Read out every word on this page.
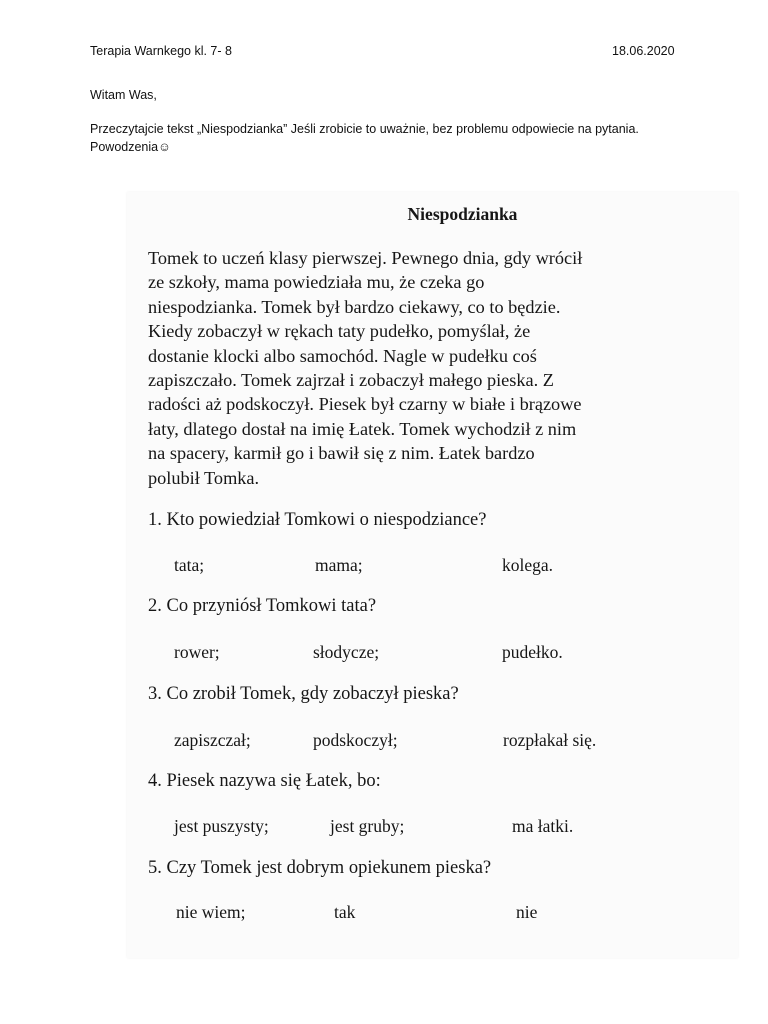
Terapia Warnkego kl. 7- 8	18.06.2020
Witam Was,
Przeczytajcie tekst „Niespodzianka” Jeśli zrobicie to uważnie, bez problemu odpowiecie na pytania.
Powodzenia☺
Niespodzianka
Tomek to uczeń klasy pierwszej. Pewnego dnia, gdy wrócił
ze szkoły, mama powiedziała mu, że czeka go
niespodzianka. Tomek był bardzo ciekawy, co to będzie.
Kiedy zobaczył w rękach taty pudełko, pomyślał, że
dostanie klocki albo samochód. Nagle w pudełku coś
zapiszczało. Tomek zajrzał i zobaczył małego pieska. Z
radości aż podskoczył. Piesek był czarny w białe i brązowe
łaty, dlatego dostał na imię Łatek. Tomek wychodził z nim
na spacery, karmił go i bawił się z nim. Łatek bardzo
polubił Tomka.
1. Kto powiedział Tomkowi o niespodziance?
tata;	mama;	kolega.
2. Co przyniósł Tomkowi tata?
rower;	słodycze;	pudełko.
3. Co zrobił Tomek, gdy zobaczył pieska?
zapiszczał;	podskoczył;	rozpłakał się.
4. Piesek nazywa się Łatek, bo:
jest puszysty;	jest gruby;	ma łatki.
5. Czy Tomek jest dobrym opiekunem pieska?
nie wiem;	tak	nie
